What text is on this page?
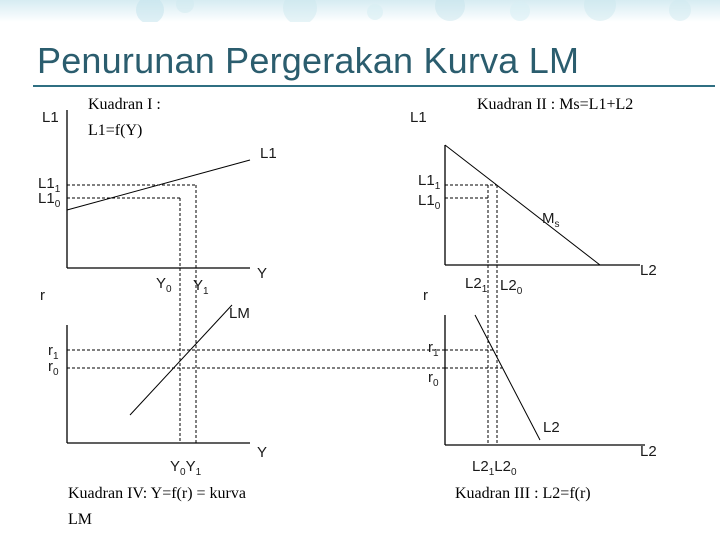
Penurunan Pergerakan Kurva LM
L1
$L1_1$
$L1_0$
Kuadran I :
L1=f(Y)
L1
Y
$Y_0$ $Y_1$
L1
Kuadran II : Ms=L1+L2
$L1_1$
$L1_0$
$M_s$
L2
$L2_1$ $L2_0$
r
$r_1$
$r_0$
L2
L2
$L2_1L2_0$
Kuadran III : L2=f(r)
r
$r_1$
$r_0$
LM
Y
$Y_0Y_1$
Kuadran IV: Y=f(r) = kurva
LM
